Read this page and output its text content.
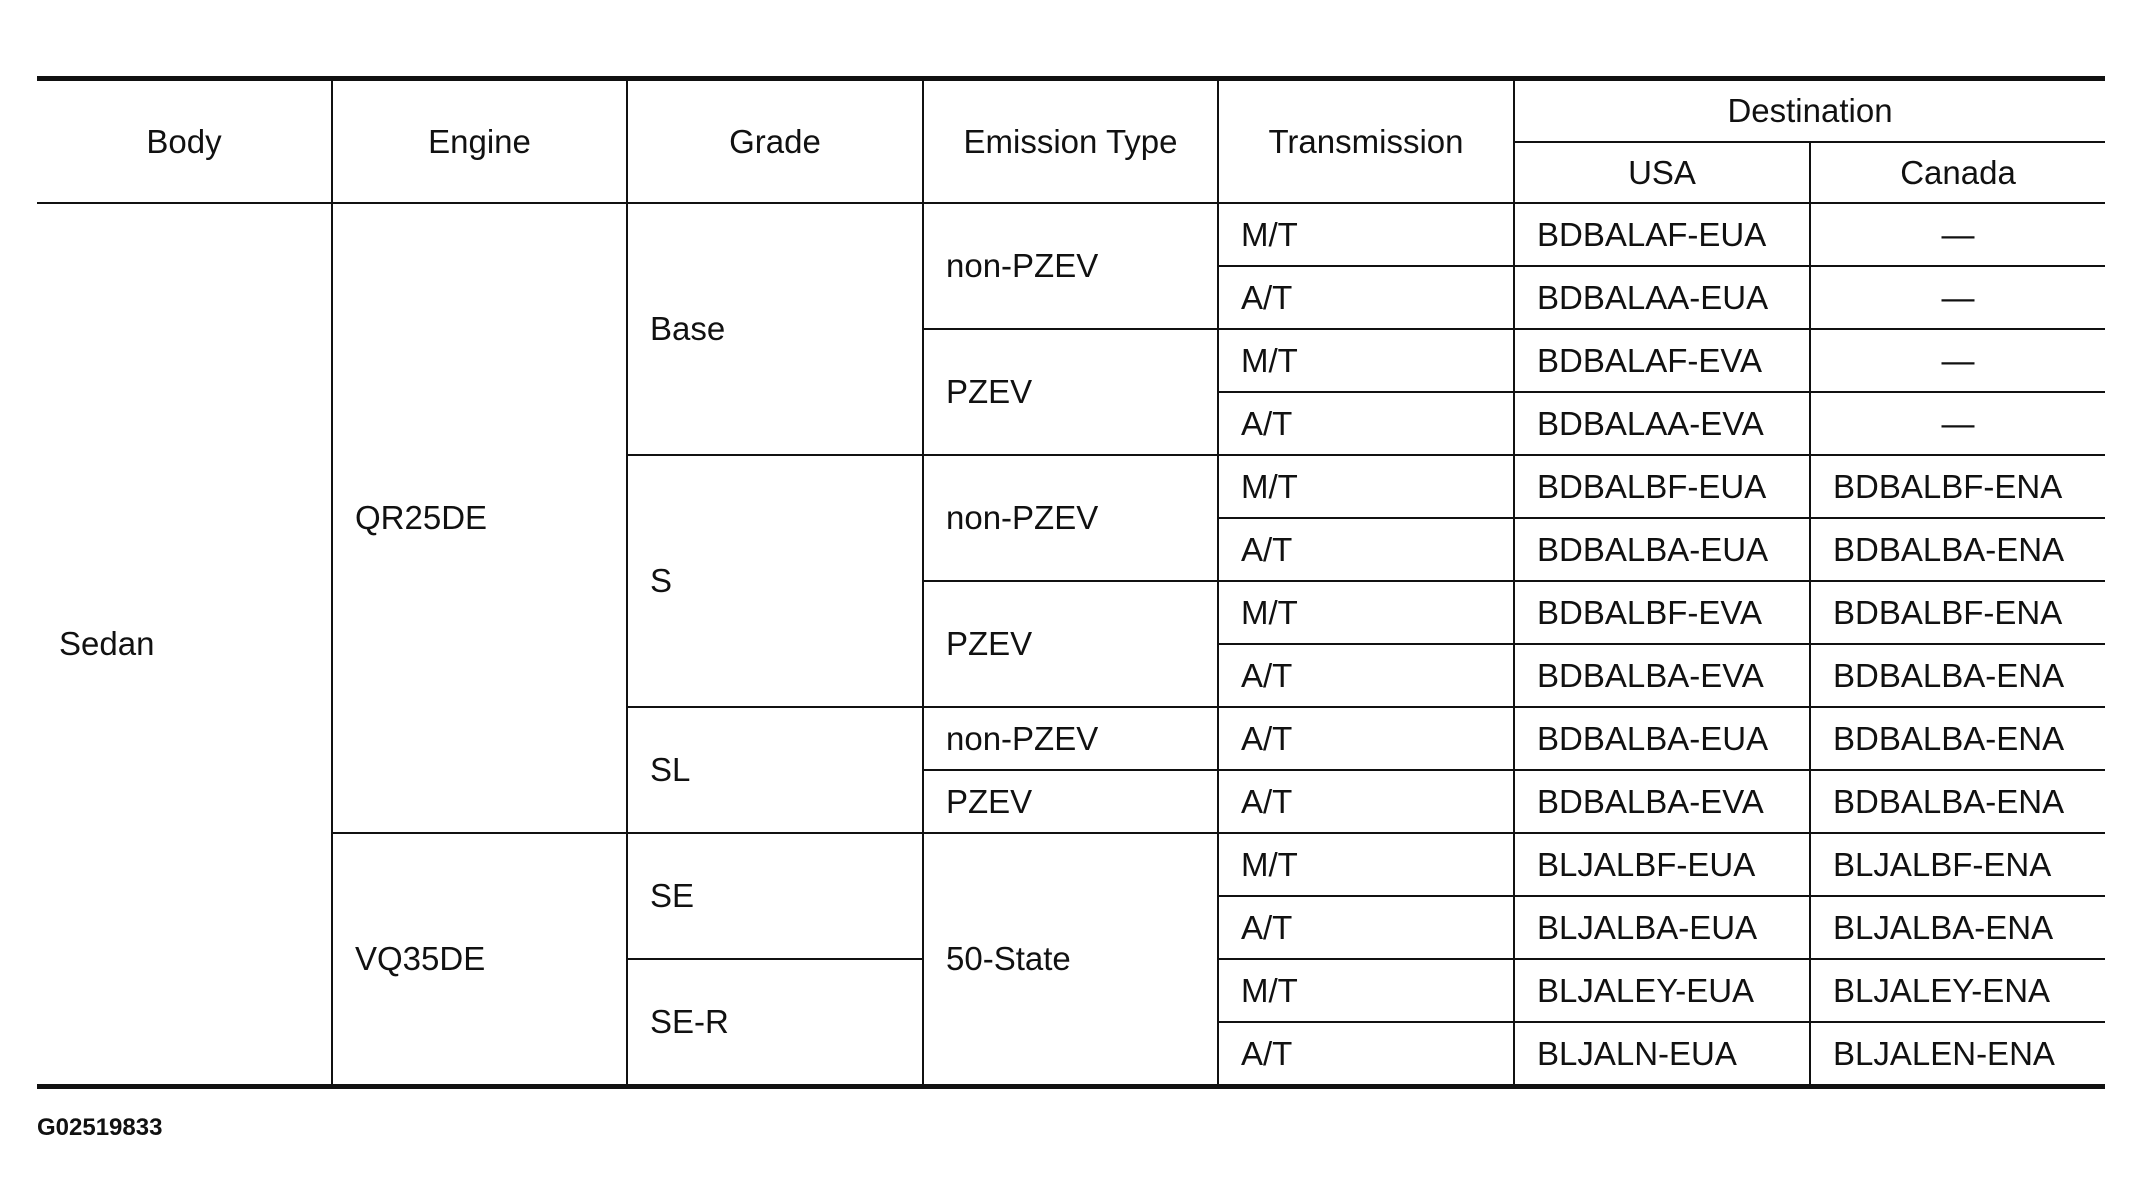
Body	Engine	Grade	Emission Type	Transmission	Destination	
					USA	Canada
Sedan	QR25DE	Base	non-PZEV	M/T	BDBALAF-EUA	—
				A/T	BDBALAA-EUA	—
			PZEV	M/T	BDBALAF-EVA	—
				A/T	BDBALAA-EVA	—
		S	non-PZEV	M/T	BDBALBF-EUA	BDBALBF-ENA
				A/T	BDBALBA-EUA	BDBALBA-ENA
			PZEV	M/T	BDBALBF-EVA	BDBALBF-ENA
				A/T	BDBALBA-EVA	BDBALBA-ENA
		SL	non-PZEV	A/T	BDBALBA-EUA	BDBALBA-ENA
			PZEV	A/T	BDBALBA-EVA	BDBALBA-ENA
	VQ35DE	SE	50-State	M/T	BLJALBF-EUA	BLJALBF-ENA
				A/T	BLJALBA-EUA	BLJALBA-ENA
		SE-R		M/T	BLJALEY-EUA	BLJALEY-ENA
				A/T	BLJALN-EUA	BLJALEN-ENA
G02519833
